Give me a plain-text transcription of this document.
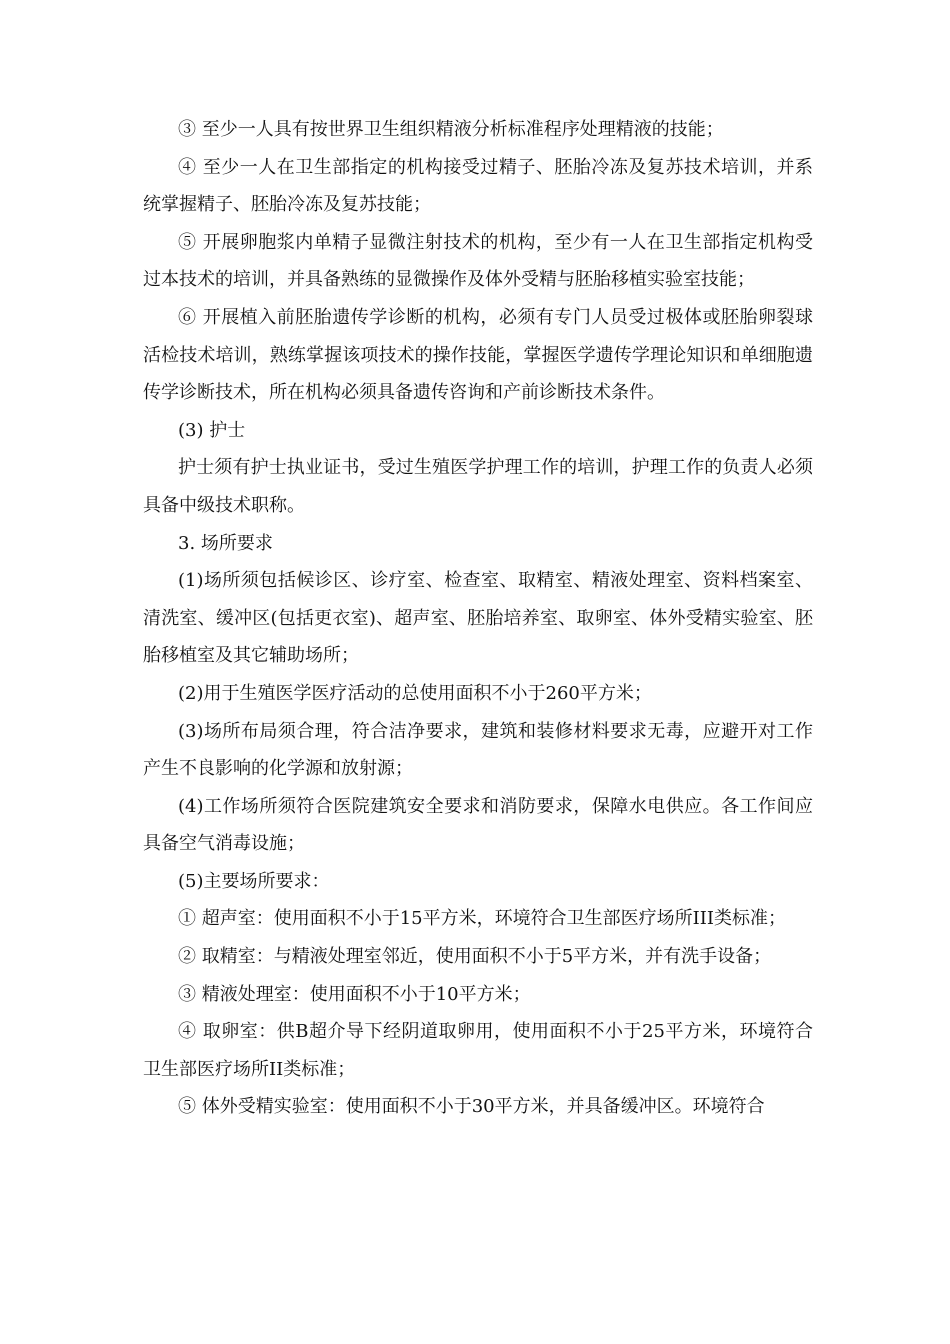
③ 至少一人具有按世界卫生组织精液分析标准程序处理精液的技能；

④ 至少一人在卫生部指定的机构接受过精子、胚胎冷冻及复苏技术培训，并系统掌握精子、胚胎冷冻及复苏技能；

⑤ 开展卵胞浆内单精子显微注射技术的机构，至少有一人在卫生部指定机构受过本技术的培训，并具备熟练的显微操作及体外受精与胚胎移植实验室技能；

⑥ 开展植入前胚胎遗传学诊断的机构，必须有专门人员受过极体或胚胎卵裂球活检技术培训，熟练掌握该项技术的操作技能，掌握医学遗传学理论知识和单细胞遗传学诊断技术，所在机构必须具备遗传咨询和产前诊断技术条件。

(3) 护士

护士须有护士执业证书，受过生殖医学护理工作的培训，护理工作的负责人必须具备中级技术职称。

3. 场所要求

(1)场所须包括候诊区、诊疗室、检查室、取精室、精液处理室、资料档案室、清洗室、缓冲区(包括更衣室)、超声室、胚胎培养室、取卵室、体外受精实验室、胚胎移植室及其它辅助场所；

(2)用于生殖医学医疗活动的总使用面积不小于260平方米；

(3)场所布局须合理，符合洁净要求，建筑和装修材料要求无毒，应避开对工作产生不良影响的化学源和放射源；

(4)工作场所须符合医院建筑安全要求和消防要求，保障水电供应。各工作间应具备空气消毒设施；

(5)主要场所要求：

① 超声室：使用面积不小于15平方米，环境符合卫生部医疗场所III类标准；

② 取精室：与精液处理室邻近，使用面积不小于5平方米，并有洗手设备；

③ 精液处理室：使用面积不小于10平方米；

④ 取卵室：供B超介导下经阴道取卵用，使用面积不小于25平方米，环境符合卫生部医疗场所II类标准；

⑤ 体外受精实验室：使用面积不小于30平方米，并具备缓冲区。环境符合
